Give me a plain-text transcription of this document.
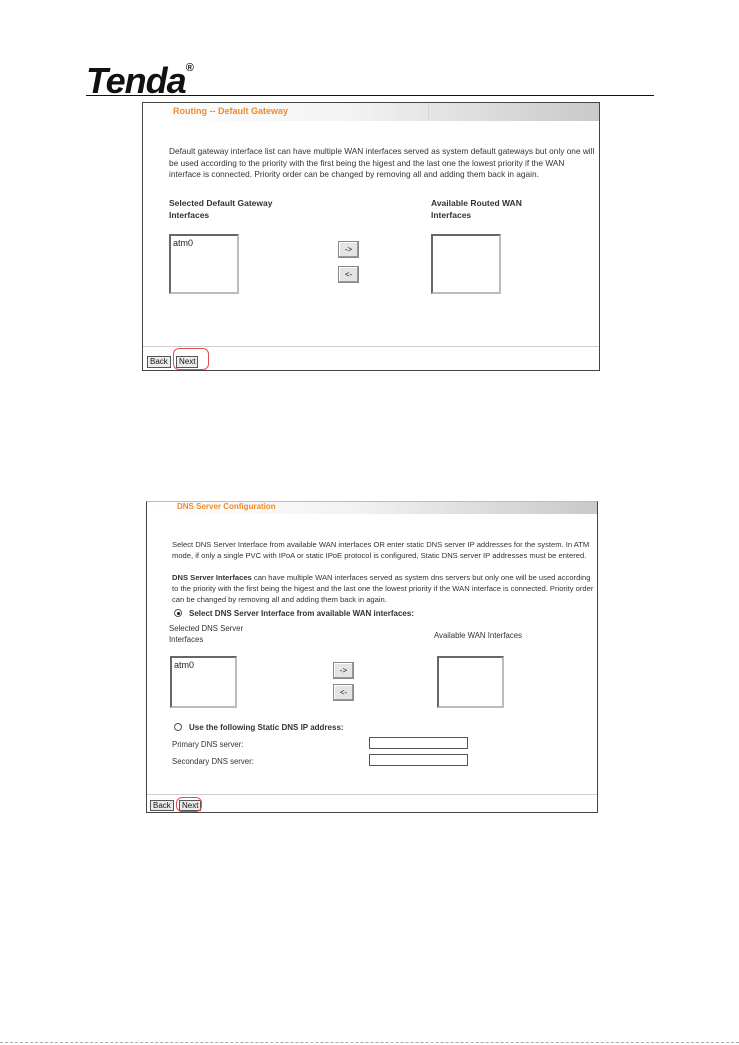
Tenda®
Routing -- Default Gateway
Default gateway interface list can have multiple WAN interfaces served as system default gateways but only one will be used according to the priority with the first being the higest and the last one the lowest priority if the WAN interface is connected. Priority order can be changed by removing all and adding them back in again.
Selected Default Gateway
Interfaces
Available Routed WAN
Interfaces
atm0
->
<-
Back	Next
DNS Server Configuration
Select DNS Server Interface from available WAN interfaces OR enter static DNS server IP addresses for the system. In ATM mode, if only a single PVC with IPoA or static IPoE protocol is configured, Static DNS server IP addresses must be entered.
DNS Server Interfaces can have multiple WAN interfaces served as system dns servers but only one will be used according to the priority with the first being the higest and the last one the lowest priority if the WAN interface is connected. Priority order can be changed by removing all and adding them back in again.
Select DNS Server Interface from available WAN interfaces:
Selected DNS Server
Interfaces	Available WAN Interfaces
atm0
->
<-
Use the following Static DNS IP address:
Primary DNS server:
Secondary DNS server:
Back	Next
